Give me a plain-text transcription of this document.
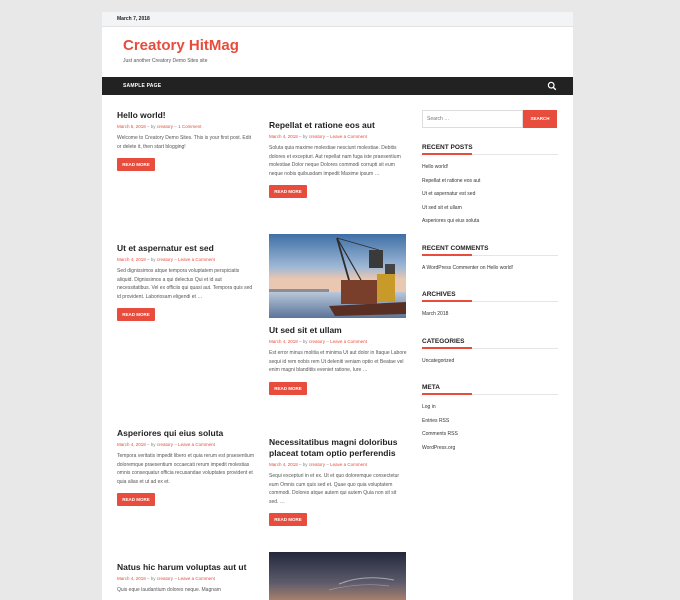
March 7, 2018
Creatory HitMag
Just another Creatory Demo Sites site
SAMPLE PAGE
Hello world!
March 5, 2018 – by creatory – 1 Comment
Welcome to Creatory Demo Sites. This is your first post. Edit or delete it, then start blogging!
READ MORE
Repellat et ratione eos aut
March 4, 2018 – by creatory – Leave a Comment
Soluta quia maxime molestiae nesciunt molestiae. Debitis dolores et excepturi. Aut repellat nam fuga iste praesentium molestiae Dolor neque Dolores commodi corrupti sit eum neque nobis quibusdam impedit Maxime ipsum …
READ MORE
Ut et aspernatur est sed
March 4, 2018 – by creatory – Leave a Comment
Sed dignissimos atque tempora voluptatem perspiciatis aliquid. Dignissimos a qui delectus Qui et id aut necessitatibus. Vel ex officiis qui quasi aut. Tempora quis sed id provident. Laboriosam eligendi et …
READ MORE
Ut sed sit et ullam
March 4, 2018 – by creatory – Leave a Comment
Est error minus molitia et minima Ut aut dolor in Itaque Labore sequi id rem nobis rem Ut deleniti veniam optio et Beatae vel enim magni blanditiis eveniet ratione, Iure …
READ MORE
Asperiores qui eius soluta
March 4, 2018 – by creatory – Leave a Comment
Tempora veritatis impedit libero et quia rerum est praesentium doloremque praesentium occaecati rerum impedit molestias omnis consequatur officia recusandae voluptates provident et quia alias et ut ad ex et.
READ MORE
Necessitatibus magni doloribus placeat totam optio perferendis
March 4, 2018 – by creatory – Leave a Comment
Sequi excepturi in et ex. Ut et quo doloremque consectetur eum Omnis cum quis sed et. Quae quo quia voluptatem commodi. Dolores atque autem qui autem Quia non sit sit sed. …
READ MORE
Natus hic harum voluptas aut ut
March 4, 2018 – by creatory – Leave a Comment
Quis eque laudantium dolores neque. Magnam
Search …
SEARCH
RECENT POSTS
Hello world!
Repellat et ratione eos aut
Ut et aspernatur est sed
Ut sed sit et ullam
Asperiores qui eius soluta
RECENT COMMENTS
A WordPress Commenter on Hello world!
ARCHIVES
March 2018
CATEGORIES
Uncategorized
META
Log in
Entries RSS
Comments RSS
WordPress.org
